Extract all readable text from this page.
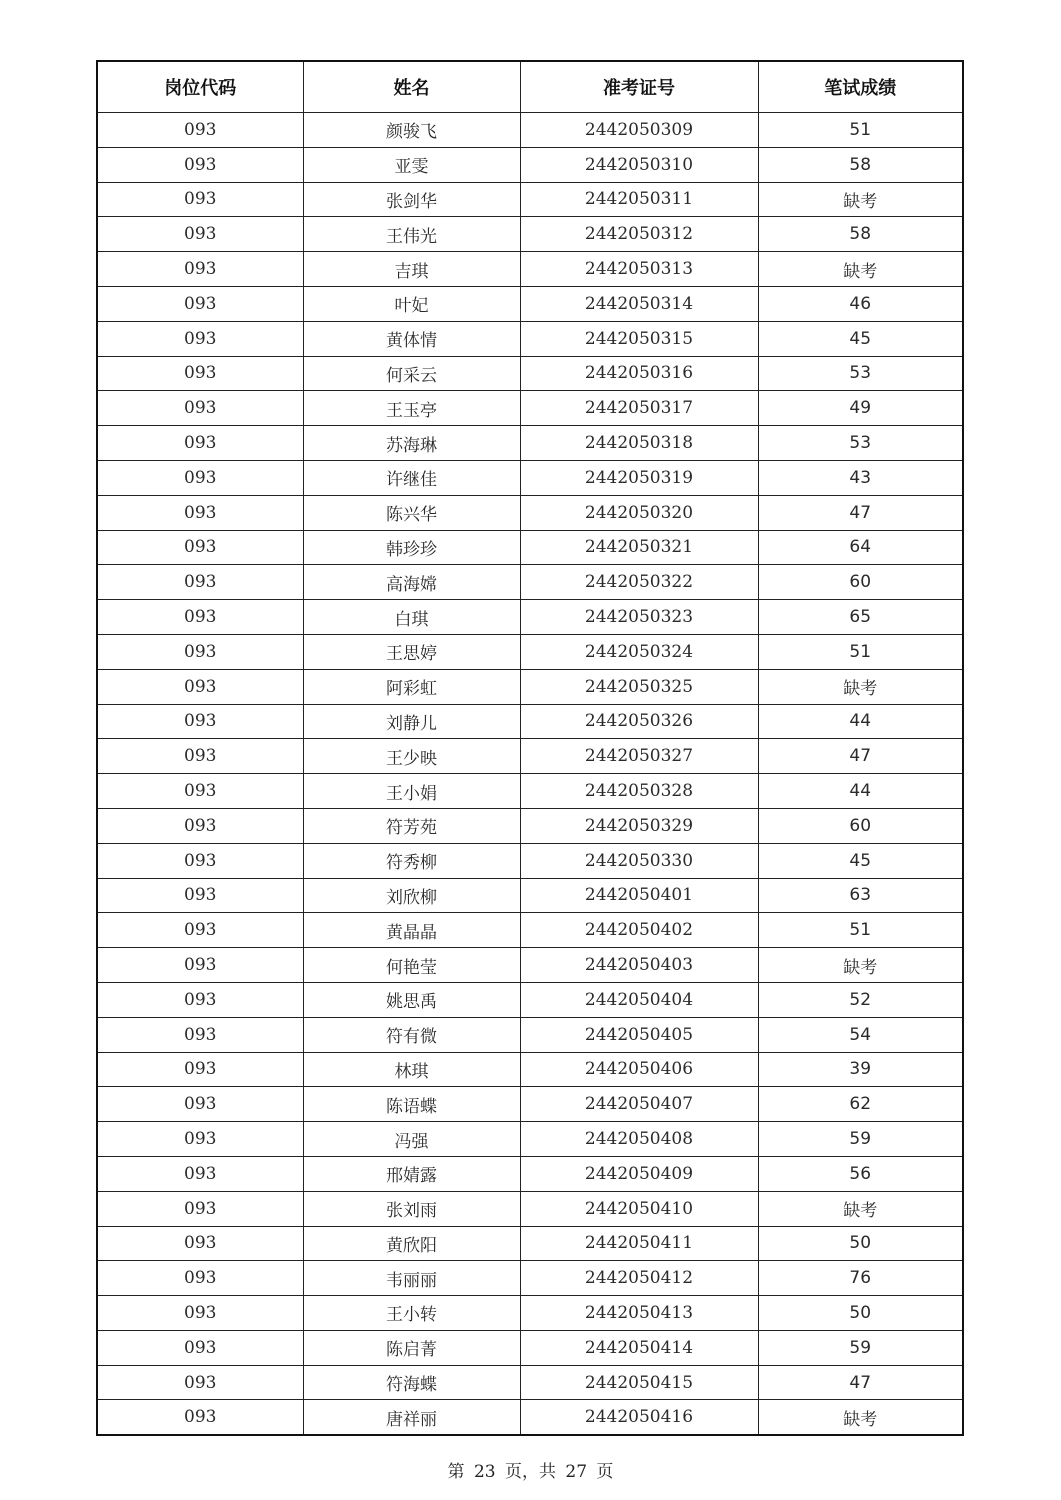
岗位代码	姓名	准考证号	笔试成绩
093	颜骏飞	2442050309	51
093	亚雯	2442050310	58
093	张剑华	2442050311	缺考
093	王伟光	2442050312	58
093	吉琪	2442050313	缺考
093	叶妃	2442050314	46
093	黄体情	2442050315	45
093	何采云	2442050316	53
093	王玉亭	2442050317	49
093	苏海琳	2442050318	53
093	许继佳	2442050319	43
093	陈兴华	2442050320	47
093	韩珍珍	2442050321	64
093	高海嫦	2442050322	60
093	白琪	2442050323	65
093	王思婷	2442050324	51
093	阿彩虹	2442050325	缺考
093	刘静儿	2442050326	44
093	王少映	2442050327	47
093	王小娟	2442050328	44
093	符芳苑	2442050329	60
093	符秀柳	2442050330	45
093	刘欣柳	2442050401	63
093	黄晶晶	2442050402	51
093	何艳莹	2442050403	缺考
093	姚思禹	2442050404	52
093	符有微	2442050405	54
093	林琪	2442050406	39
093	陈语蝶	2442050407	62
093	冯强	2442050408	59
093	邢婧露	2442050409	56
093	张刘雨	2442050410	缺考
093	黄欣阳	2442050411	50
093	韦丽丽	2442050412	76
093	王小转	2442050413	50
093	陈启菁	2442050414	59
093	符海蝶	2442050415	47
093	唐祥丽	2442050416	缺考
第 23 页，共 27 页
